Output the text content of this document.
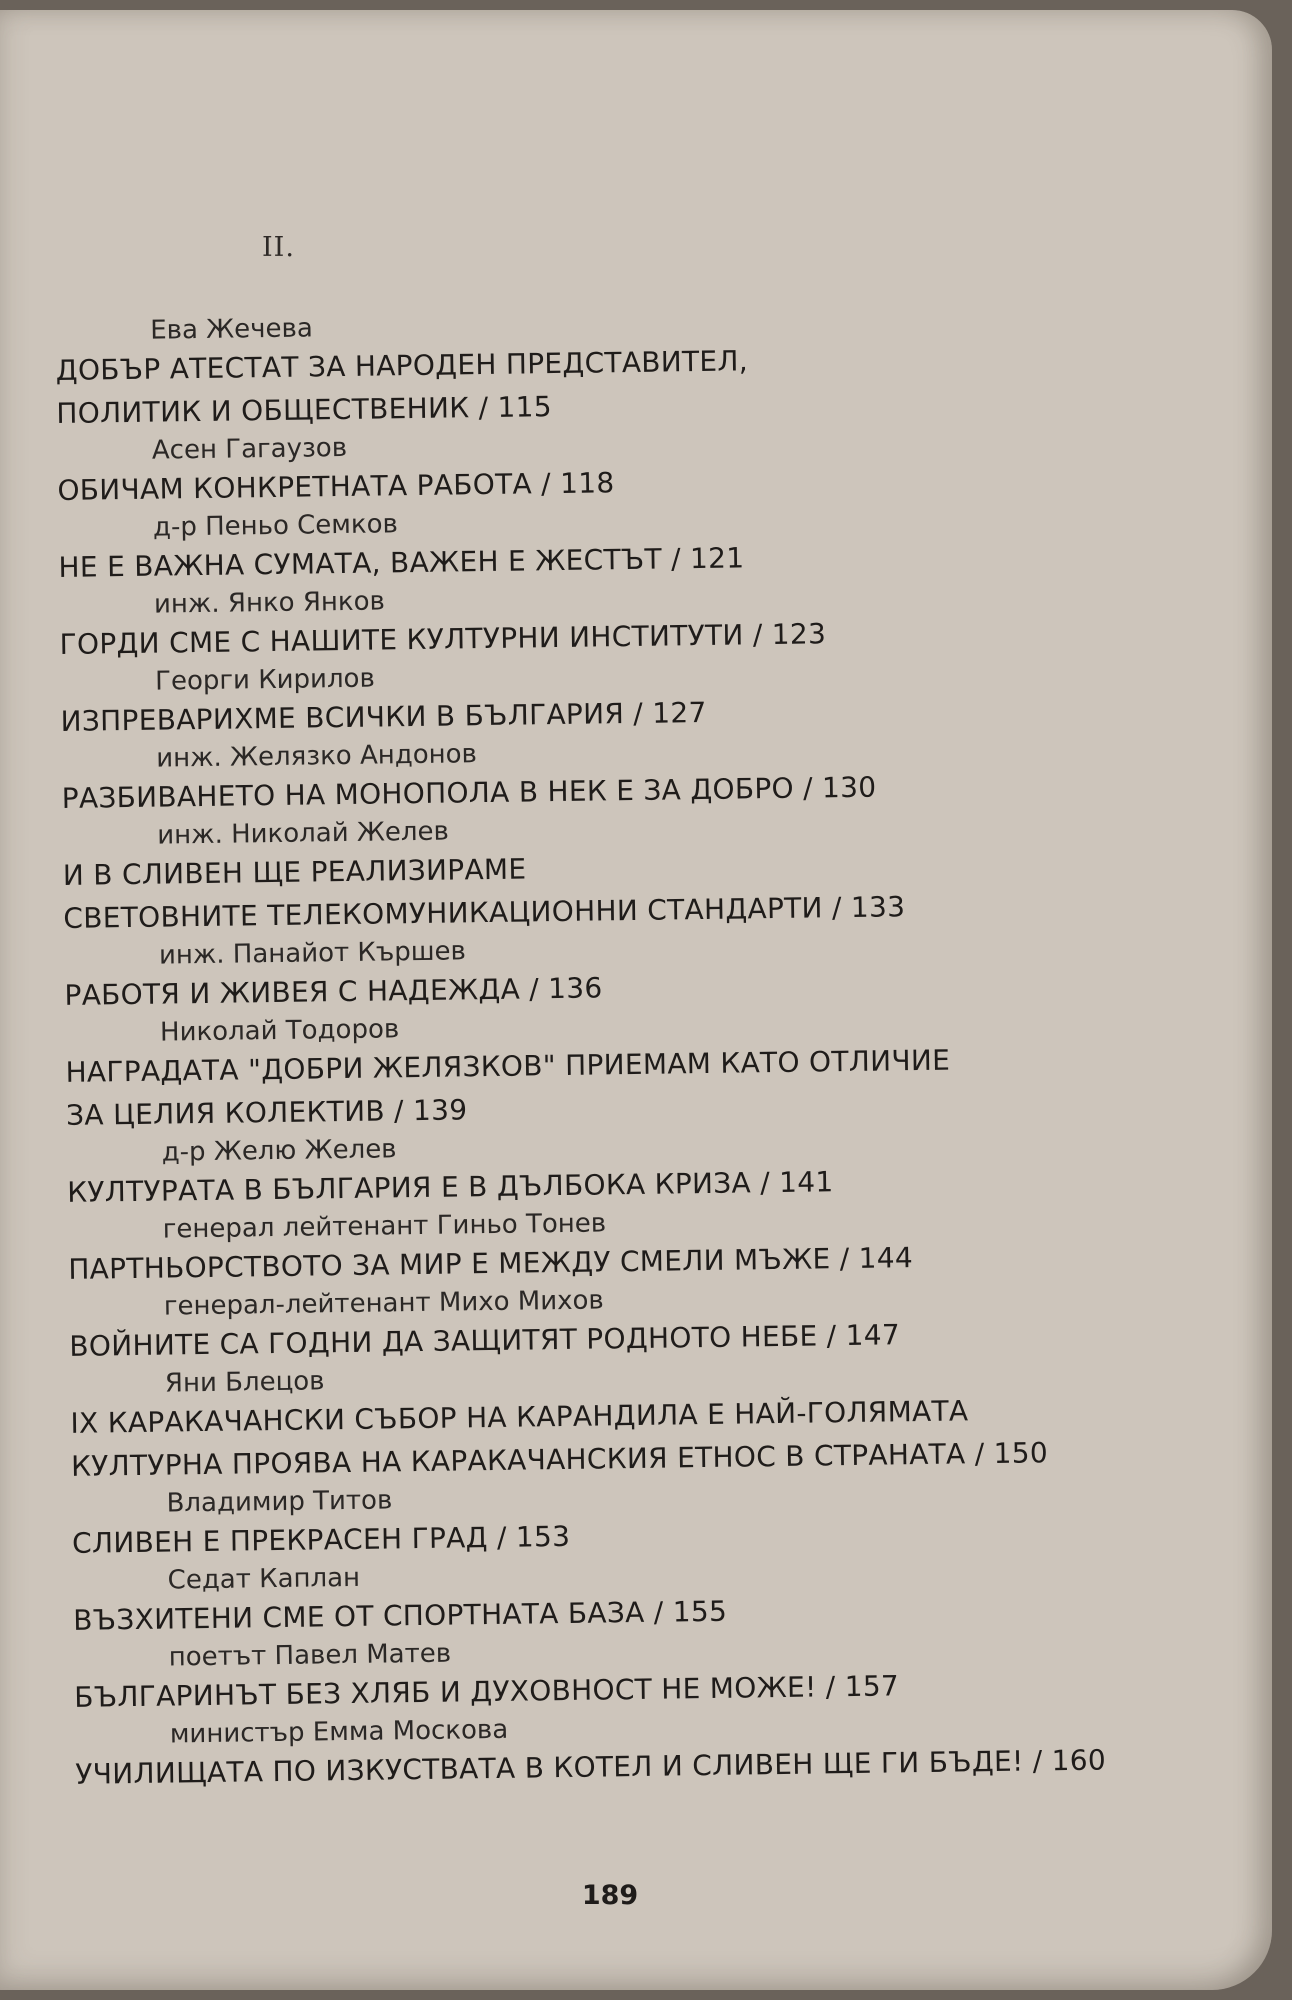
II.
Ева Жечева
ДОБЪР АТЕСТАТ ЗА НАРОДЕН ПРЕДСТАВИТЕЛ,
ПОЛИТИК И ОБЩЕСТВЕНИК / 115
Асен Гагаузов
ОБИЧАМ КОНКРЕТНАТА РАБОТА / 118
д-р Пеньо Семков
НЕ Е ВАЖНА СУМАТА, ВАЖЕН Е ЖЕСТЪТ / 121
инж. Янко Янков
ГОРДИ СМЕ С НАШИТЕ КУЛТУРНИ ИНСТИТУТИ / 123
Георги Кирилов
ИЗПРЕВАРИХМЕ ВСИЧКИ В БЪЛГАРИЯ / 127
инж. Желязко Андонов
РАЗБИВАНЕТО НА МОНОПОЛА В НЕК Е ЗА ДОБРО / 130
инж. Николай Желев
И В СЛИВЕН ЩЕ РЕАЛИЗИРАМЕ
СВЕТОВНИТЕ ТЕЛЕКОМУНИКАЦИОННИ СТАНДАРТИ / 133
инж. Панайот Кършев
РАБОТЯ И ЖИВЕЯ С НАДЕЖДА / 136
Николай Тодоров
НАГРАДАТА "ДОБРИ ЖЕЛЯЗКОВ" ПРИЕМАМ КАТО ОТЛИЧИЕ
ЗА ЦЕЛИЯ КОЛЕКТИВ / 139
д-р Желю Желев
КУЛТУРАТА В БЪЛГАРИЯ Е В ДЪЛБОКА КРИЗА / 141
генерал лейтенант Гиньо Тонев
ПАРТНЬОРСТВОТО ЗА МИР Е МЕЖДУ СМЕЛИ МЪЖЕ / 144
генерал-лейтенант Михо Михов
ВОЙНИТЕ СА ГОДНИ ДА ЗАЩИТЯТ РОДНОТО НЕБЕ / 147
Яни Блецов
IX КАРАКАЧАНСКИ СЪБОР НА КАРАНДИЛА Е НАЙ-ГОЛЯМАТА
КУЛТУРНА ПРОЯВА НА КАРАКАЧАНСКИЯ ЕТНОС В СТРАНАТА / 150
Владимир Титов
СЛИВЕН Е ПРЕКРАСЕН ГРАД / 153
Седат Каплан
ВЪЗХИТЕНИ СМЕ ОТ СПОРТНАТА БАЗА / 155
поетът Павел Матев
БЪЛГАРИНЪТ БЕЗ ХЛЯБ И ДУХОВНОСТ НЕ МОЖЕ! / 157
министър Емма Москова
УЧИЛИЩАТА ПО ИЗКУСТВАТА В КОТЕЛ И СЛИВЕН ЩЕ ГИ БЪДЕ! / 160
189
